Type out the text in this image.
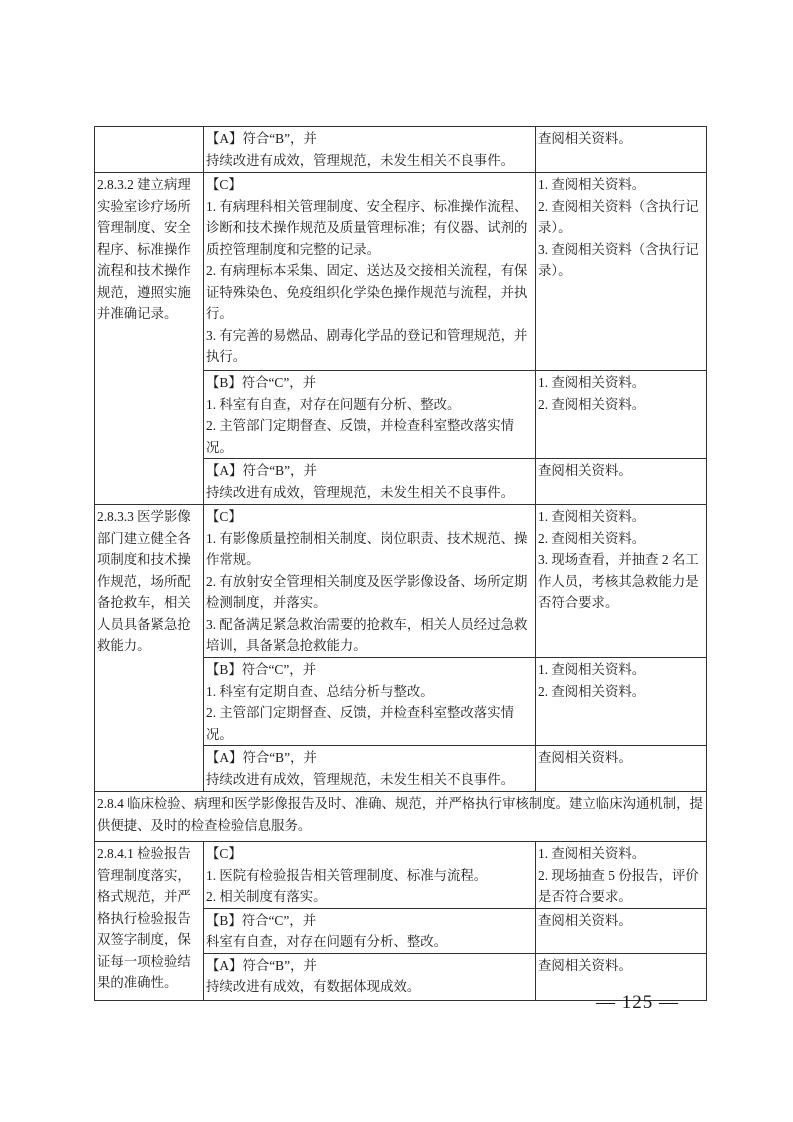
	【A】符合“B”，并
持续改进有成效，管理规范，未发生相关不良事件。	查阅相关资料。
2.8.3.2 建立病理实验室诊疗场所管理制度、安全程序、标准操作流程和技术操作规范，遵照实施并准确记录。	【C】
1. 有病理科相关管理制度、安全程序、标准操作流程、诊断和技术操作规范及质量管理标准；有仪器、试剂的质控管理制度和完整的记录。
2. 有病理标本采集、固定、送达及交接相关流程，有保证特殊染色、免疫组织化学染色操作规范与流程，并执行。
3. 有完善的易燃品、剧毒化学品的登记和管理规范，并执行。	1. 查阅相关资料。
2. 查阅相关资料（含执行记录）。
3. 查阅相关资料（含执行记录）。
	【B】符合“C”，并
1. 科室有自查，对存在问题有分析、整改。
2. 主管部门定期督查、反馈，并检查科室整改落实情况。	1. 查阅相关资料。
2. 查阅相关资料。
	【A】符合“B”，并
持续改进有成效，管理规范，未发生相关不良事件。	查阅相关资料。
2.8.3.3 医学影像部门建立健全各项制度和技术操作规范，场所配备抢救车，相关人员具备紧急抢救能力。	【C】
1. 有影像质量控制相关制度、岗位职责、技术规范、操作常规。
2. 有放射安全管理相关制度及医学影像设备、场所定期检测制度，并落实。
3. 配备满足紧急救治需要的抢救车，相关人员经过急救培训，具备紧急抢救能力。	1. 查阅相关资料。
2. 查阅相关资料。
3. 现场查看，并抽查 2 名工作人员，考核其急救能力是否符合要求。
	【B】符合“C”，并
1. 科室有定期自查、总结分析与整改。
2. 主管部门定期督查、反馈，并检查科室整改落实情况。	1. 查阅相关资料。
2. 查阅相关资料。
	【A】符合“B”，并
持续改进有成效，管理规范，未发生相关不良事件。	查阅相关资料。
2.8.4 临床检验、病理和医学影像报告及时、准确、规范，并严格执行审核制度。建立临床沟通机制，提供便捷、及时的检查检验信息服务。		
2.8.4.1 检验报告管理制度落实，格式规范，并严格执行检验报告双签字制度，保证每一项检验结果的准确性。	【C】
1. 医院有检验报告相关管理制度、标准与流程。
2. 相关制度有落实。	1. 查阅相关资料。
2. 现场抽查 5 份报告，评价是否符合要求。
	【B】符合“C”，并
科室有自查，对存在问题有分析、整改。	查阅相关资料。
	【A】符合“B”，并
持续改进有成效，有数据体现成效。	查阅相关资料。
— 125 —
